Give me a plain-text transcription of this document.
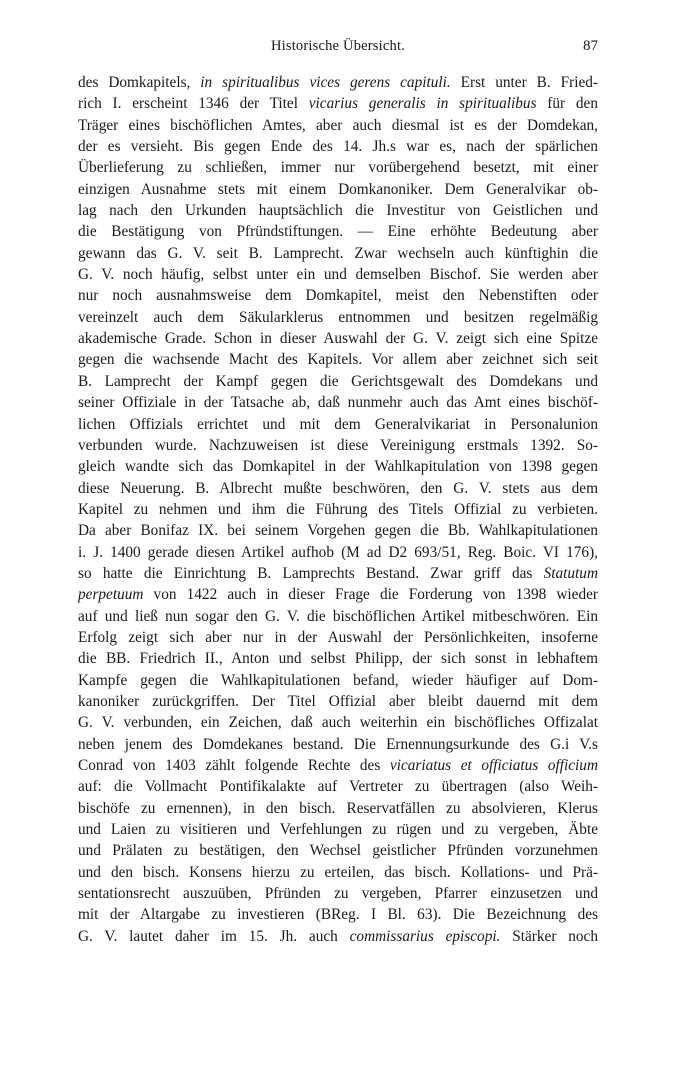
Historische Übersicht.	87
des Domkapitels, in spiritualibus vices gerens capituli. Erst unter B. Fried-
rich I. erscheint 1346 der Titel vicarius generalis in spiritualibus für den
Träger eines bischöflichen Amtes, aber auch diesmal ist es der Domdekan,
der es versieht. Bis gegen Ende des 14. Jh.s war es, nach der spärlichen
Überlieferung zu schließen, immer nur vorübergehend besetzt, mit einer
einzigen Ausnahme stets mit einem Domkanoniker. Dem Generalvikar ob-
lag nach den Urkunden hauptsächlich die Investitur von Geistlichen und
die Bestätigung von Pfründstiftungen. — Eine erhöhte Bedeutung aber
gewann das G. V. seit B. Lamprecht. Zwar wechseln auch künftighin die
G. V. noch häufig, selbst unter ein und demselben Bischof. Sie werden aber
nur noch ausnahmsweise dem Domkapitel, meist den Nebenstiften oder
vereinzelt auch dem Säkularklerus entnommen und besitzen regelmäßig
akademische Grade. Schon in dieser Auswahl der G. V. zeigt sich eine Spitze
gegen die wachsende Macht des Kapitels. Vor allem aber zeichnet sich seit
B. Lamprecht der Kampf gegen die Gerichtsgewalt des Domdekans und
seiner Offiziale in der Tatsache ab, daß nunmehr auch das Amt eines bischöf-
lichen Offizials errichtet und mit dem Generalvikariat in Personalunion
verbunden wurde. Nachzuweisen ist diese Vereinigung erstmals 1392. So-
gleich wandte sich das Domkapitel in der Wahlkapitulation von 1398 gegen
diese Neuerung. B. Albrecht mußte beschwören, den G. V. stets aus dem
Kapitel zu nehmen und ihm die Führung des Titels Offizial zu verbieten.
Da aber Bonifaz IX. bei seinem Vorgehen gegen die Bb. Wahlkapitulationen
i. J. 1400 gerade diesen Artikel aufhob (M ad D2 693/51, Reg. Boic. VI 176),
so hatte die Einrichtung B. Lamprechts Bestand. Zwar griff das Statutum
perpetuum von 1422 auch in dieser Frage die Forderung von 1398 wieder
auf und ließ nun sogar den G. V. die bischöflichen Artikel mitbeschwören. Ein
Erfolg zeigt sich aber nur in der Auswahl der Persönlichkeiten, insoferne
die BB. Friedrich II., Anton und selbst Philipp, der sich sonst in lebhaftem
Kampfe gegen die Wahlkapitulationen befand, wieder häufiger auf Dom-
kanoniker zurückgriffen. Der Titel Offizial aber bleibt dauernd mit dem
G. V. verbunden, ein Zeichen, daß auch weiterhin ein bischöfliches Offizalat
neben jenem des Domdekanes bestand. Die Ernennungsurkunde des G.i V.s
Conrad von 1403 zählt folgende Rechte des vicariatus et officiatus officium
auf: die Vollmacht Pontifikalakte auf Vertreter zu übertragen (also Weih-
bischöfe zu ernennen), in den bisch. Reservatfällen zu absolvieren, Klerus
und Laien zu visitieren und Verfehlungen zu rügen und zu vergeben, Äbte
und Prälaten zu bestätigen, den Wechsel geistlicher Pfründen vorzunehmen
und den bisch. Konsens hierzu zu erteilen, das bisch. Kollations- und Prä-
sentationsrecht auszuüben, Pfründen zu vergeben, Pfarrer einzusetzen und
mit der Altargabe zu investieren (BReg. I Bl. 63). Die Bezeichnung des
G. V. lautet daher im 15. Jh. auch commissarius episcopi. Stärker noch
